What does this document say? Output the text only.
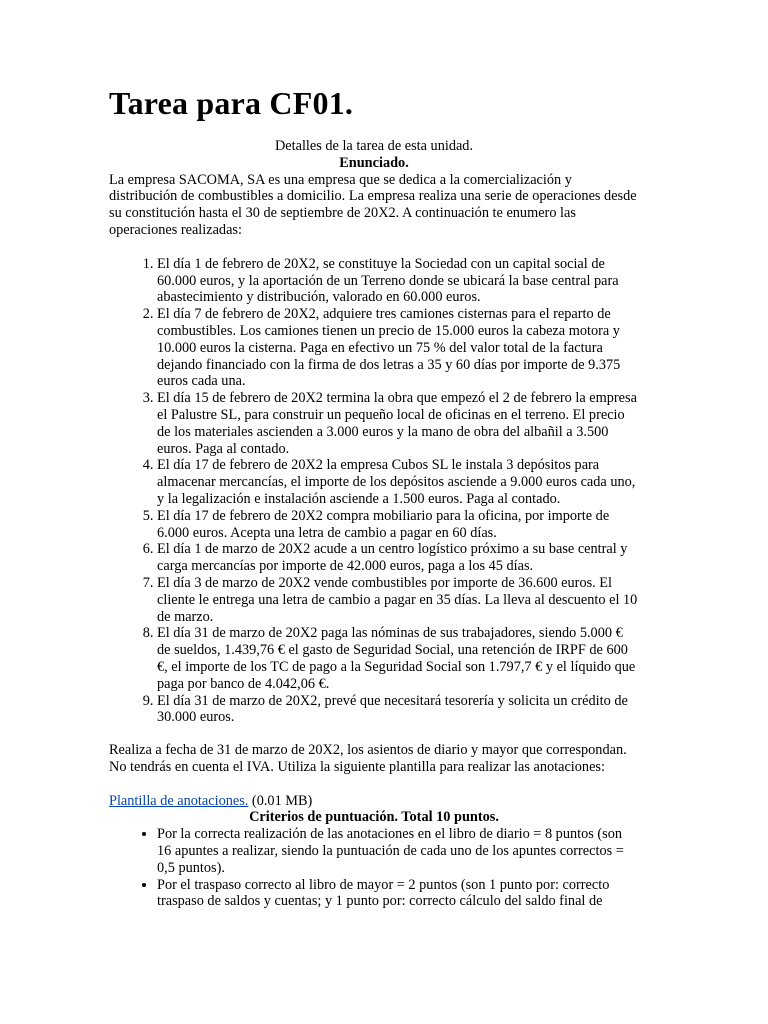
Tarea para CF01.

Detalles de la tarea de esta unidad.

Enunciado.

La empresa SACOMA, SA es una empresa que se dedica a la comercialización y distribución de combustibles a domicilio. La empresa realiza una serie de operaciones desde su constitución hasta el 30 de septiembre de 20X2. A continuación te enumero las operaciones realizadas:

1. El día 1 de febrero de 20X2, se constituye la Sociedad con un capital social de 60.000 euros, y la aportación de un Terreno donde se ubicará la base central para abastecimiento y distribución, valorado en 60.000 euros.
2. El día 7 de febrero de 20X2, adquiere tres camiones cisternas para el reparto de combustibles. Los camiones tienen un precio de 15.000 euros la cabeza motora y 10.000 euros la cisterna. Paga en efectivo un 75 % del valor total de la factura dejando financiado con la firma de dos letras a 35 y 60 días por importe de 9.375 euros cada una.
3. El día 15 de febrero de 20X2 termina la obra que empezó el 2 de febrero la empresa el Palustre SL, para construir un pequeño local de oficinas en el terreno. El precio de los materiales ascienden a 3.000 euros y la mano de obra del albañil a 3.500 euros. Paga al contado.
4. El día 17 de febrero de 20X2 la empresa Cubos SL le instala 3 depósitos para almacenar mercancías, el importe de los depósitos asciende a 9.000 euros cada uno, y la legalización e instalación asciende a 1.500 euros. Paga al contado.
5. El día 17 de febrero de 20X2 compra mobiliario para la oficina, por importe de 6.000 euros. Acepta una letra de cambio a pagar en 60 días.
6. El día 1 de marzo de 20X2 acude a un centro logístico próximo a su base central y carga mercancías por importe de 42.000 euros, paga a los 45 días.
7. El día 3 de marzo de 20X2 vende combustibles por importe de 36.600 euros. El cliente le entrega una letra de cambio a pagar en 35 días. La lleva al descuento el 10 de marzo.
8. El día 31 de marzo de 20X2 paga las nóminas de sus trabajadores, siendo 5.000 € de sueldos, 1.439,76 € el gasto de Seguridad Social, una retención de IRPF de 600 €, el importe de los TC de pago a la Seguridad Social son 1.797,7 € y el líquido que paga por banco de 4.042,06 €.
9. El día 31 de marzo de 20X2, prevé que necesitará tesorería y solicita un crédito de 30.000 euros.

Realiza a fecha de 31 de marzo de 20X2, los asientos de diario y mayor que correspondan. No tendrás en cuenta el IVA. Utiliza la siguiente plantilla para realizar las anotaciones:

Plantilla de anotaciones. (0.01 MB)

Criterios de puntuación. Total 10 puntos.

• Por la correcta realización de las anotaciones en el libro de diario = 8 puntos (son 16 apuntes a realizar, siendo la puntuación de cada uno de los apuntes correctos = 0,5 puntos).
• Por el traspaso correcto al libro de mayor = 2 puntos (son 1 punto por: correcto traspaso de saldos y cuentas; y 1 punto por: correcto cálculo del saldo final de
